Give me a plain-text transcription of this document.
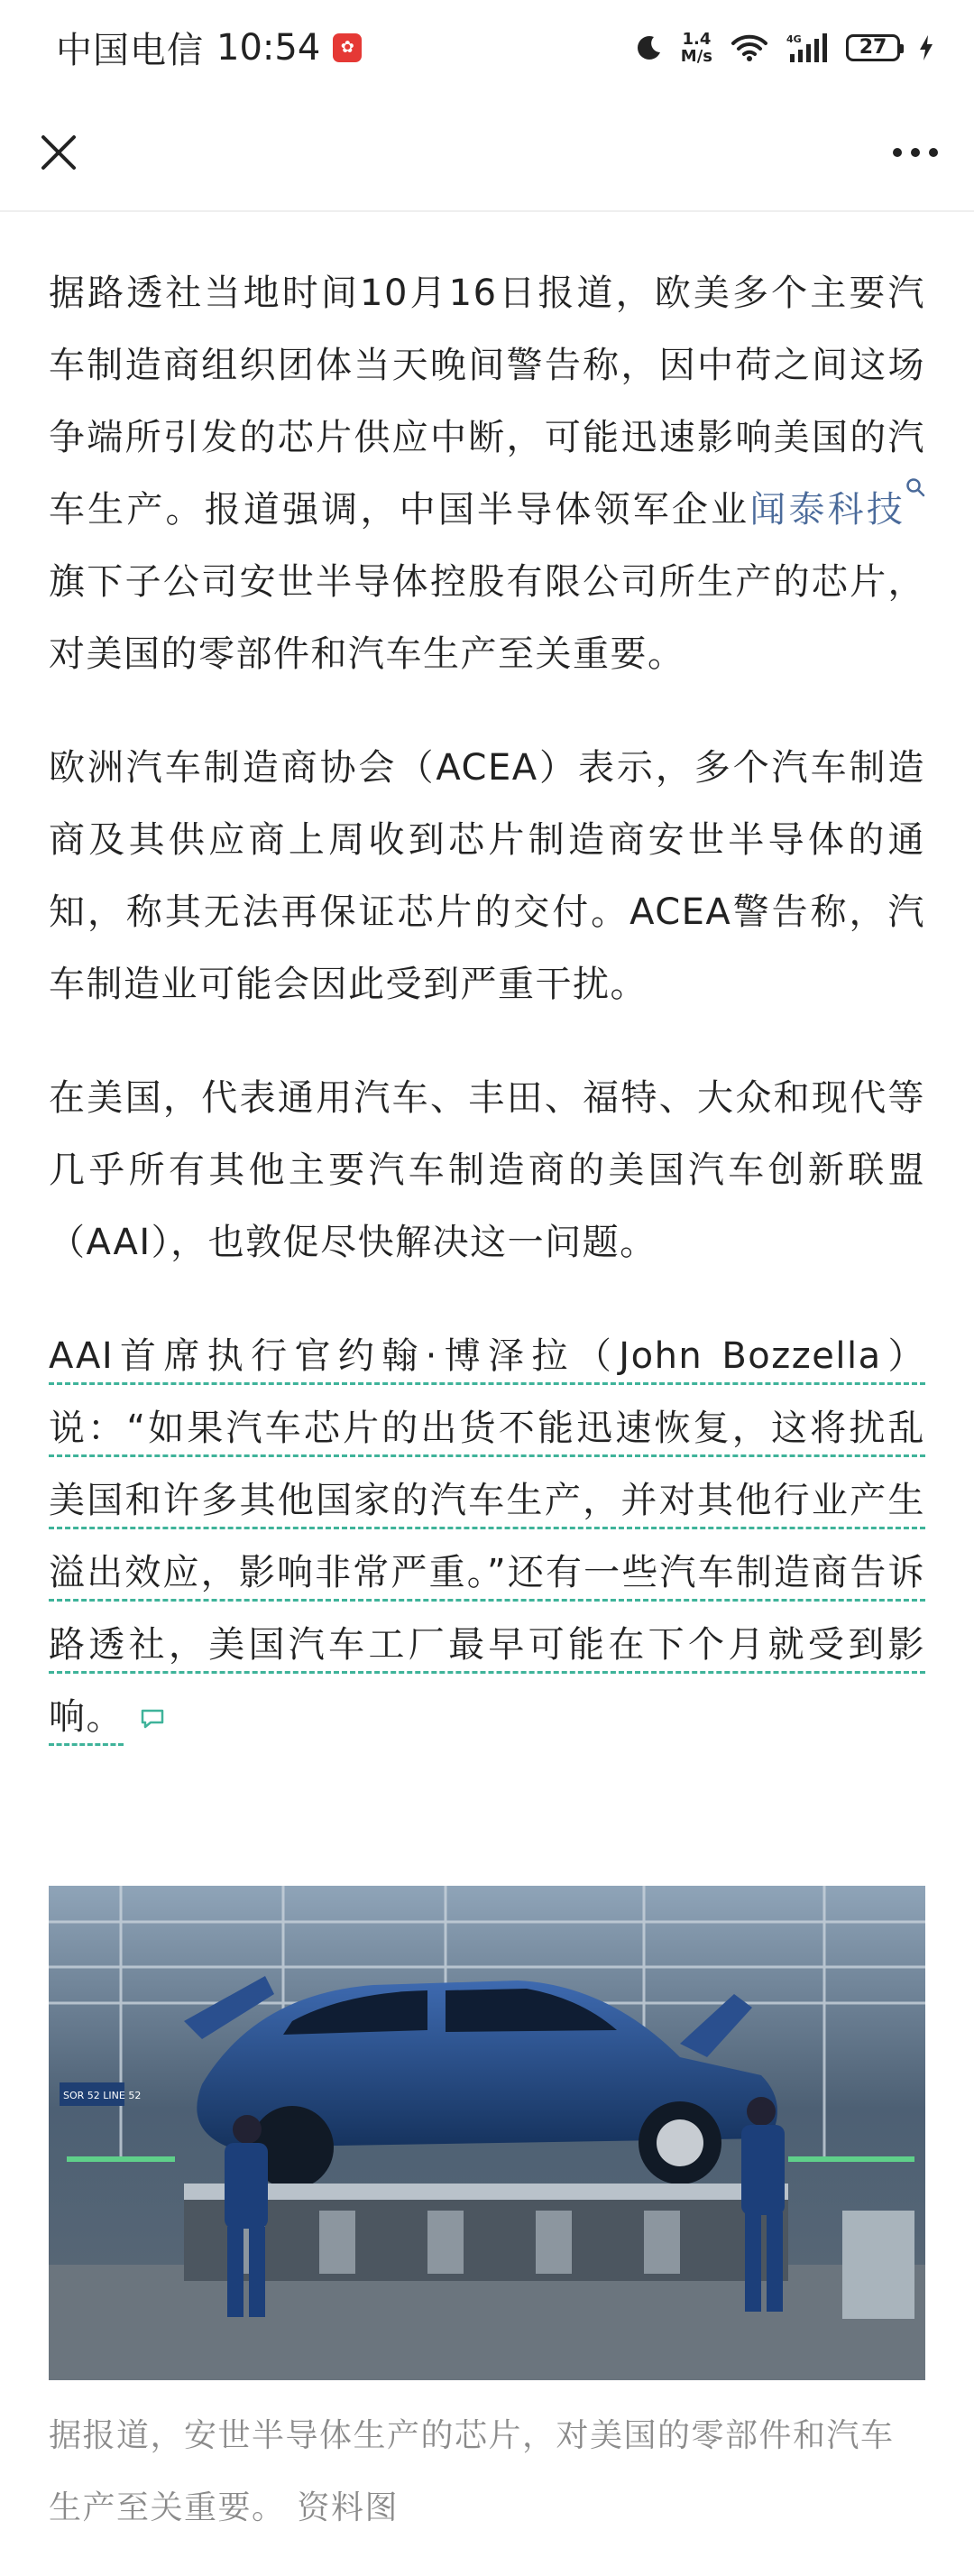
中国电信 10:54	✿	1.4
M/s
4G	27

据路透社当地时间10月16日报道，欧美多个主要汽车制造商组织团体当天晚间警告称，因中荷之间这场争端所引发的芯片供应中断，可能迅速影响美国的汽车生产。报道强调，中国半导体领军企业闻泰科技旗下子公司安世半导体控股有限公司所生产的芯片，对美国的零部件和汽车生产至关重要。

欧洲汽车制造商协会（ACEA）表示，多个汽车制造商及其供应商上周收到芯片制造商安世半导体的通知，称其无法再保证芯片的交付。ACEA警告称，汽车制造业可能会因此受到严重干扰。

在美国，代表通用汽车、丰田、福特、大众和现代等几乎所有其他主要汽车制造商的美国汽车创新联盟（AAI），也敦促尽快解决这一问题。

AAI首席执行官约翰·博泽拉（John Bozzella）说：“如果汽车芯片的出货不能迅速恢复，这将扰乱美国和许多其他国家的汽车生产，并对其他行业产生溢出效应，影响非常严重。”还有一些汽车制造商告诉路透社，美国汽车工厂最早可能在下个月就受到影响。

SOR 52 LINE 52
据报道，安世半导体生产的芯片，对美国的零部件和汽车生产至关重要。 资料图
